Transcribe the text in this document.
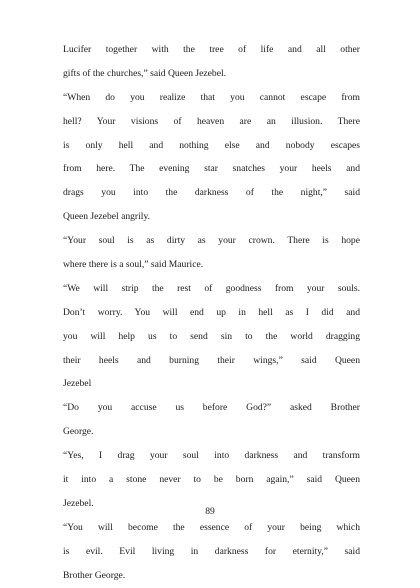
Lucifer together with the tree of life and all other
gifts of the churches,” said Queen Jezebel.
“When do you realize that you cannot escape from
hell? Your visions of heaven are an illusion. There
is only hell and nothing else and nobody escapes
from here. The evening star snatches your heels and
drags you into the darkness of the night,” said
Queen Jezebel angrily.
“Your soul is as dirty as your crown. There is hope
where there is a soul,” said Maurice.
“We will strip the rest of goodness from your souls.
Don’t worry. You will end up in hell as I did and
you will help us to send sin to the world dragging
their heels and burning their wings,” said Queen
Jezebel
“Do you accuse us before God?” asked Brother
George.
“Yes, I drag your soul into darkness and transform
it into a stone never to be born again,” said Queen
Jezebel.
“You will become the essence of your being which
is evil. Evil living in darkness for eternity,” said
Brother George.
89
